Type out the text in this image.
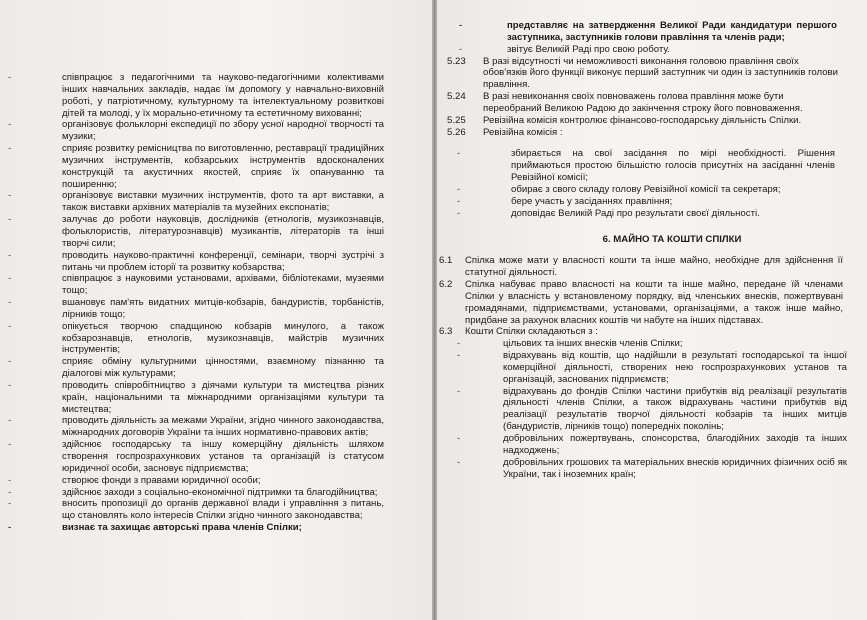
-	співпрацює з педагогічними та науково-педагогічними колективами інших навчальних закладів, надає їм допомогу у навчально-виховній роботі, у патріотичному, культурному та інтелектуальному розвиткові дітей та молоді, у їх морально-етичному та естетичному вихованні;

-	організовує фольклорні експедиції по збору усної народної творчості та музики;

-	сприяє розвитку ремісництва по виготовленню, реставрації традиційних музичних інструментів, кобзарських інструментів вдосконалених конструкцій та акустичних якостей, сприяє їх опануванню та поширенню;

-	організовує виставки музичних інструментів, фото та арт виставки, а також виставки архівних матеріалів та музейних експонатів;

-	залучає до роботи науковців, дослідників (етнологів, музикознавців, фольклористів, літературознавців) музикантів, літераторів та інші творчі сили;

-	проводить науково-практичні конференції, семінари, творчі зустрічі з питань чи проблем історії та розвитку кобзарства;

-	співпрацює з науковими установами, архівами, бібліотеками, музеями тощо;

-	вшановує пам'ять видатних митців-кобзарів, бандуристів, торбаністів, лірників тощо;

-	опікується творчою спадщиною кобзарів минулого, а також кобзарознавців, етнологів, музикознавців, майстрів музичних інструментів;

-	сприяє обміну культурними цінностями, взаємному пізнанню та діалогові між культурами;

-	проводить співробітництво з діячами культури та мистецтва різних країн, національними та міжнародними організаціями культури та мистецтва;

-	проводить діяльність за межами України, згідно чинного законодавства, міжнародних договорів України та інших нормативно-правових актів;

-	здійснює господарську та іншу комерційну діяльність шляхом створення госпрозрахункових установ та організацій із статусом юридичної особи, засновує підприємства;

-	створює фонди з правами юридичної особи;

-	здійснює заходи з соціально-економічної підтримки та благодійництва;

-	вносить пропозиції до органів державної влади і управління з питань, що становлять коло інтересів Спілки згідно чинного законодавства;

-	визнає та захищає авторські права членів Спілки;

-	представляє на затвердження Великої Ради кандидатури першого заступника, заступників голови правління та членів ради;

-	звітує Великій Раді про свою роботу.

5.23 В разі відсутності чи неможливості виконання головою правління своїх обов'язків його функції виконує перший заступник чи один із заступників голови правління.

5.24 В разі невиконання своїх повноважень голова правління може бути переобраний Великою Радою до закінчення строку його повноваження.

5.25 Ревізійна комісія контролює фінансово-господарську діяльність Спілки.

5.26 Ревізійна комісія :

-	збирається на свої засідання по мірі необхідності. Рішення приймаються простою більшістю голосів присутніх на засіданні членів Ревізійної комісії;

-	обирає з свого складу голову Ревізійної комісії та секретаря;

-	бере участь у засіданнях правління;

-	доповідає Великій Раді про результати своєї діяльності.

6. МАЙНО ТА КОШТИ СПІЛКИ

6.1 Спілка може мати у власності кошти та інше майно, необхідне для здійснення її статутної діяльності.

6.2 Спілка набуває право власності на кошти та інше майно, передане їй членами Спілки у власність у встановленому порядку, від членських внесків, пожертвувані громадянами, підприємствами, установами, організаціями, а також інше майно, придбане за рахунок власних коштів чи набуте на інших підставах.

6.3 Кошти Спілки складаються з :

-	цільових та інших внесків членів Спілки;

-	відрахувань від коштів, що надійшли в результаті господарської та іншої комерційної діяльності, створених нею госпрозрахункових установ та організацій, заснованих підприємств;

-	відрахувань до фондів Спілки частини прибутків від реалізації результатів діяльності членів Спілки, а також відрахувань частини прибутків від реалізації результатів творчої діяльності кобзарів та інших митців (бандуристів, лірників тощо) попередніх поколінь;

-	добровільних пожертвувань, спонсорства, благодійних заходів та інших надходжень;

-	добровільних грошових та матеріальних внесків юридичних фізичних осіб як України, так і іноземних країн;
